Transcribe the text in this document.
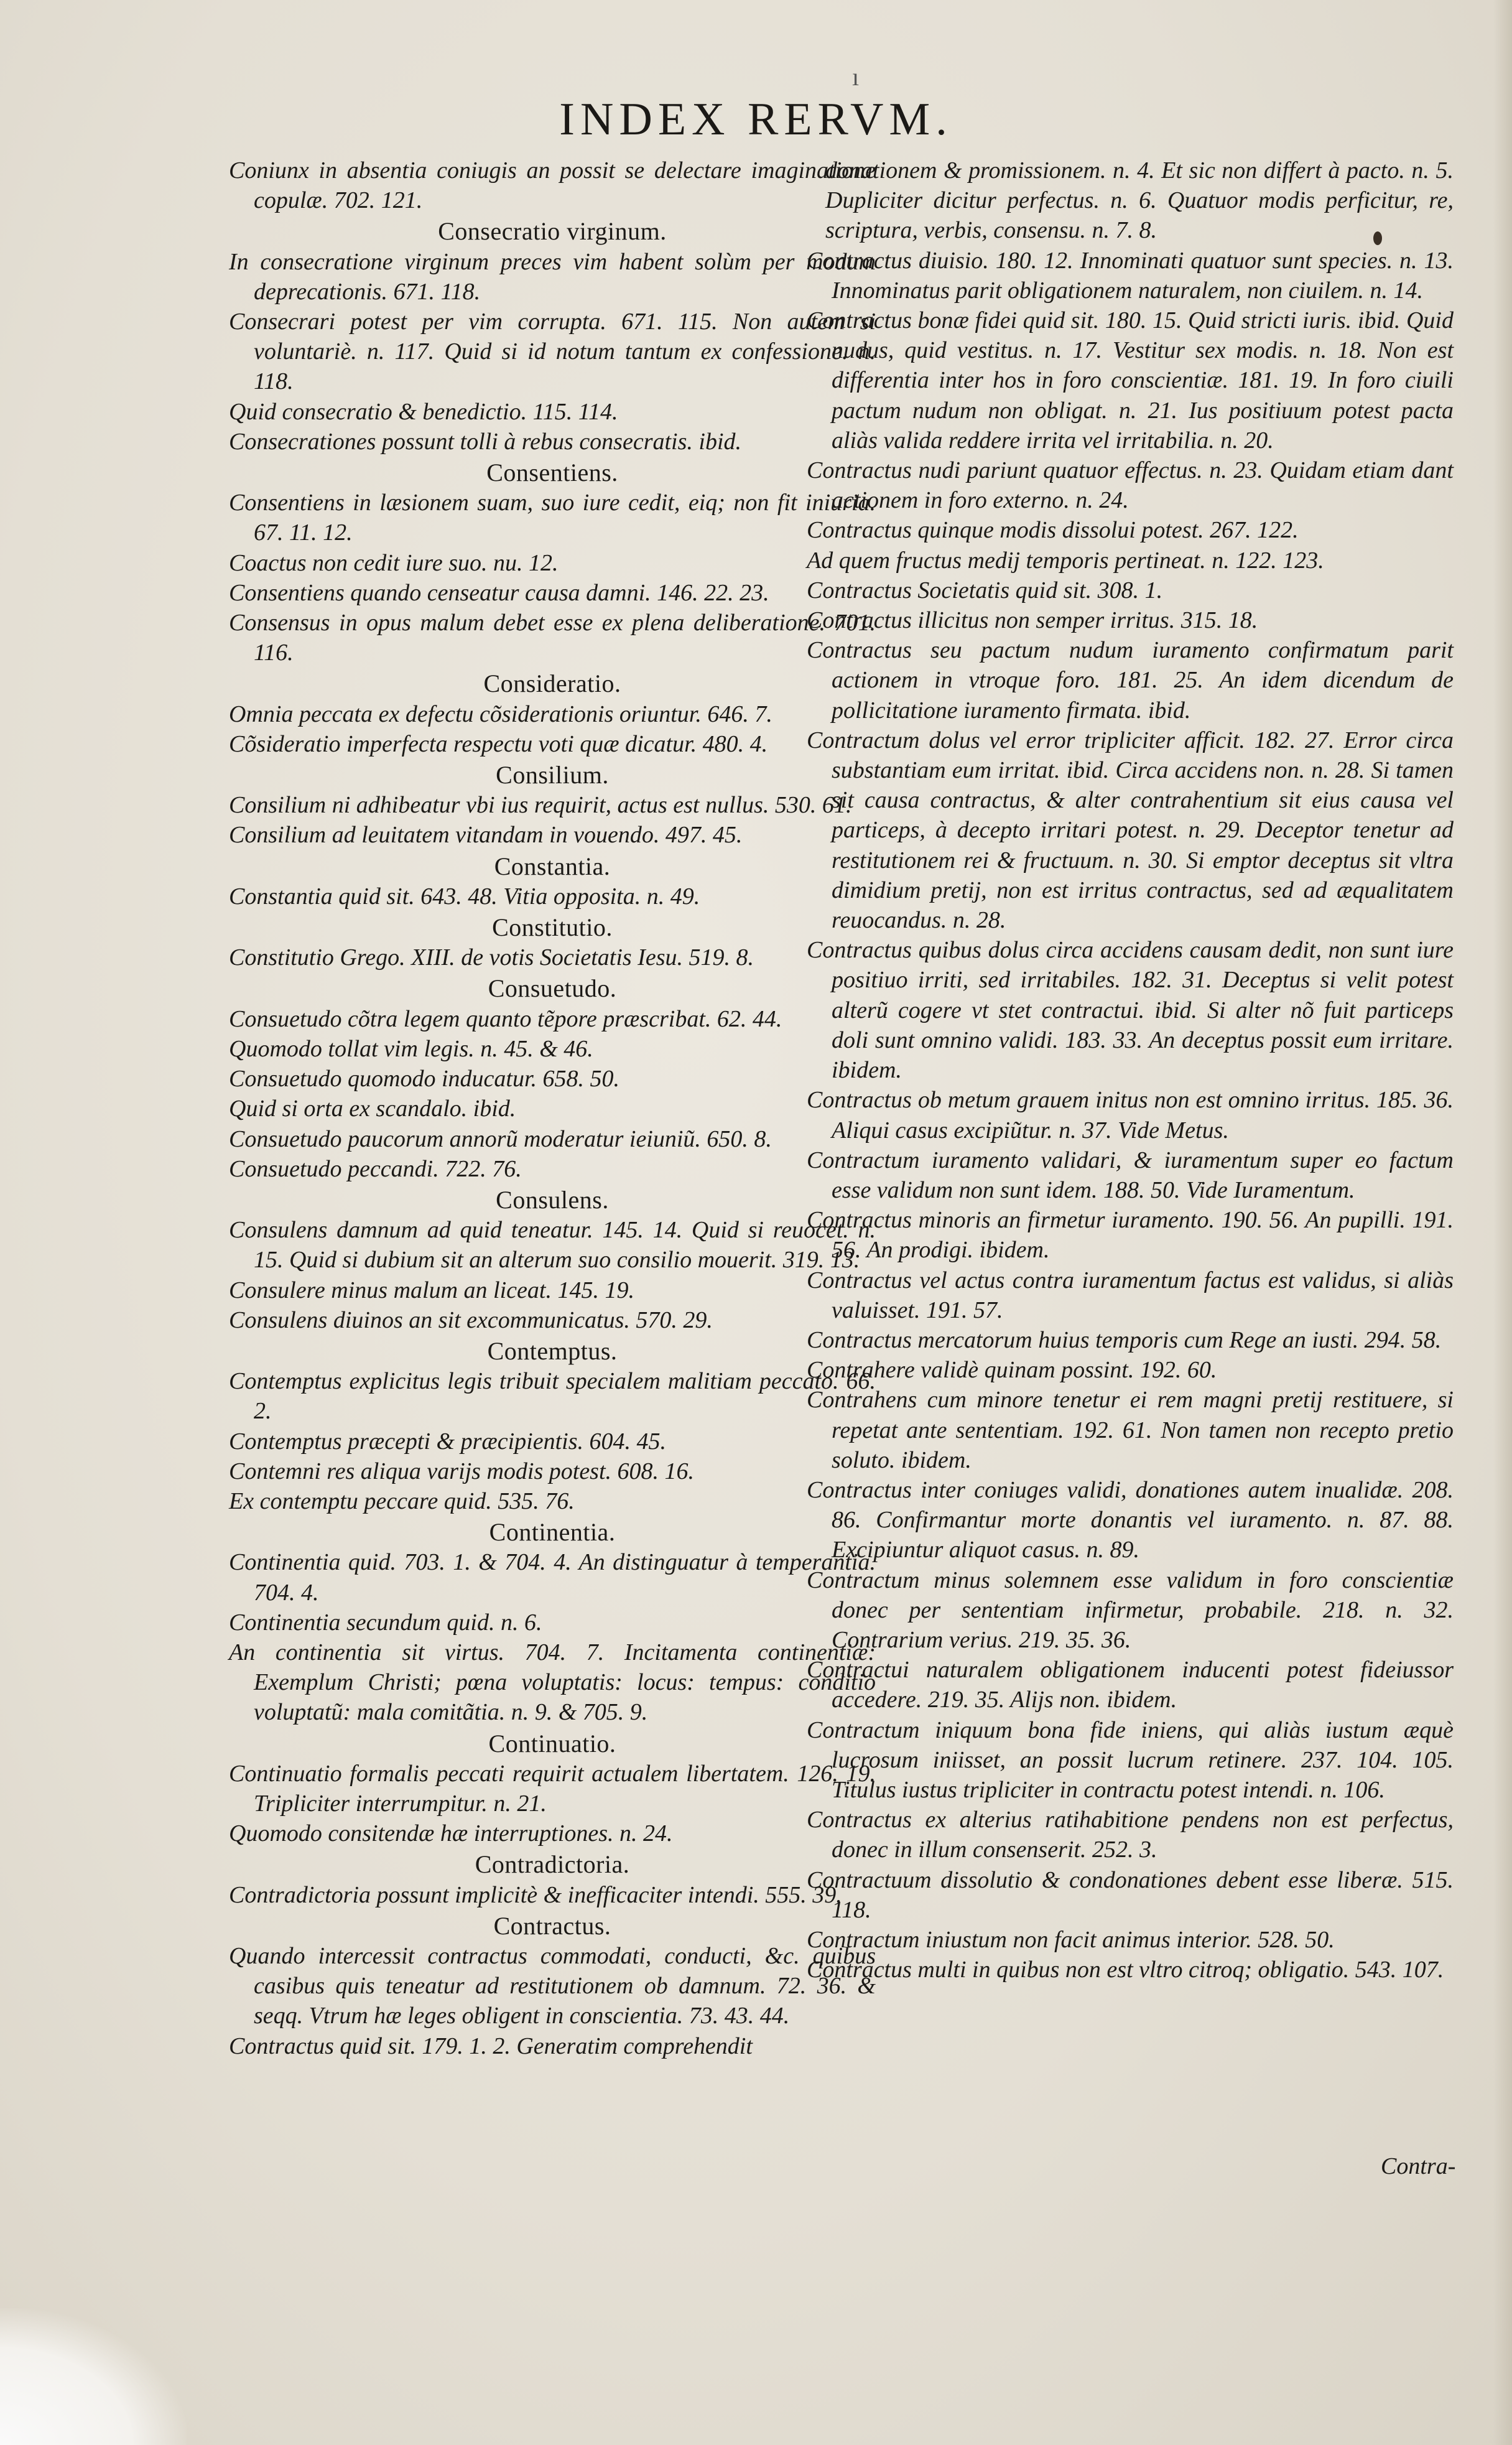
ı
INDEX RERVM.
Coniunx in absentia coniugis an possit se delectare imaginatione copulæ. 702. 121.
Consecratio virginum.
In consecratione virginum preces vim habent solùm per modum deprecationis. 671. 118.
Consecrari potest per vim corrupta. 671. 115. Non autem si voluntariè. n. 117. Quid si id notum tantum ex confessione. n. 118.
Quid consecratio & benedictio. 115. 114.
Consecrationes possunt tolli à rebus consecratis. ibid.
Consentiens.
Consentiens in læsionem suam, suo iure cedit, eiq; non fit iniuria. 67. 11. 12.
Coactus non cedit iure suo. nu. 12.
Consentiens quando censeatur causa damni. 146. 22. 23.
Consensus in opus malum debet esse ex plena deliberatione. 701. 116.
Consideratio.
Omnia peccata ex defectu cõsiderationis oriuntur. 646. 7.
Cõsideratio imperfecta respectu voti quæ dicatur. 480. 4.
Consilium.
Consilium ni adhibeatur vbi ius requirit, actus est nullus. 530. 61.
Consilium ad leuitatem vitandam in vouendo. 497. 45.
Constantia.
Constantia quid sit. 643. 48. Vitia opposita. n. 49.
Constitutio.
Constitutio Grego. XIII. de votis Societatis Iesu. 519. 8.
Consuetudo.
Consuetudo cõtra legem quanto tẽpore præscribat. 62. 44.
Quomodo tollat vim legis. n. 45. & 46.
Consuetudo quomodo inducatur. 658. 50.
Quid si orta ex scandalo. ibid.
Consuetudo paucorum annorũ moderatur ieiuniũ. 650. 8.
Consuetudo peccandi. 722. 76.
Consulens.
Consulens damnum ad quid teneatur. 145. 14. Quid si reuocet. n. 15. Quid si dubium sit an alterum suo consilio mouerit. 319. 13.
Consulere minus malum an liceat. 145. 19.
Consulens diuinos an sit excommunicatus. 570. 29.
Contemptus.
Contemptus explicitus legis tribuit specialem malitiam peccato. 66. 2.
Contemptus præcepti & præcipientis. 604. 45.
Contemni res aliqua varijs modis potest. 608. 16.
Ex contemptu peccare quid. 535. 76.
Continentia.
Continentia quid. 703. 1. & 704. 4. An distinguatur à temperantia. 704. 4.
Continentia secundum quid. n. 6.
An continentia sit virtus. 704. 7. Incitamenta continentiæ: Exemplum Christi; pœna voluptatis: locus: tempus: conditio voluptatũ: mala comitãtia. n. 9. & 705. 9.
Continuatio.
Continuatio formalis peccati requirit actualem libertatem. 126. 19. Tripliciter interrumpitur. n. 21.
Quomodo consitendæ hæ interruptiones. n. 24.
Contradictoria.
Contradictoria possunt implicitè & inefficaciter intendi. 555. 39.
Contractus.
Quando intercessit contractus commodati, conducti, &c. quibus casibus quis teneatur ad restitutionem ob damnum. 72. 36. & seqq. Vtrum hæ leges obligent in conscientia. 73. 43. 44.
Contractus quid sit. 179. 1. 2. Generatim comprehendit
donationem & promissionem. n. 4. Et sic non differt à pacto. n. 5. Dupliciter dicitur perfectus. n. 6. Quatuor modis perficitur, re, scriptura, verbis, consensu. n. 7. 8.
Contractus diuisio. 180. 12. Innominati quatuor sunt species. n. 13. Innominatus parit obligationem naturalem, non ciuilem. n. 14.
Contractus bonæ fidei quid sit. 180. 15. Quid stricti iuris. ibid. Quid nudus, quid vestitus. n. 17. Vestitur sex modis. n. 18. Non est differentia inter hos in foro conscientiæ. 181. 19. In foro ciuili pactum nudum non obligat. n. 21. Ius positiuum potest pacta aliàs valida reddere irrita vel irritabilia. n. 20.
Contractus nudi pariunt quatuor effectus. n. 23. Quidam etiam dant actionem in foro externo. n. 24.
Contractus quinque modis dissolui potest. 267. 122.
Ad quem fructus medij temporis pertineat. n. 122. 123.
Contractus Societatis quid sit. 308. 1.
Contractus illicitus non semper irritus. 315. 18.
Contractus seu pactum nudum iuramento confirmatum parit actionem in vtroque foro. 181. 25. An idem dicendum de pollicitatione iuramento firmata. ibid.
Contractum dolus vel error tripliciter afficit. 182. 27. Error circa substantiam eum irritat. ibid. Circa accidens non. n. 28. Si tamen sit causa contractus, & alter contrahentium sit eius causa vel particeps, à decepto irritari potest. n. 29. Deceptor tenetur ad restitutionem rei & fructuum. n. 30. Si emptor deceptus sit vltra dimidium pretij, non est irritus contractus, sed ad æqualitatem reuocandus. n. 28.
Contractus quibus dolus circa accidens causam dedit, non sunt iure positiuo irriti, sed irritabiles. 182. 31. Deceptus si velit potest alterũ cogere vt stet contractui. ibid. Si alter nõ fuit particeps doli sunt omnino validi. 183. 33. An deceptus possit eum irritare. ibidem.
Contractus ob metum grauem initus non est omnino irritus. 185. 36. Aliqui casus excipiũtur. n. 37. Vide Metus.
Contractum iuramento validari, & iuramentum super eo factum esse validum non sunt idem. 188. 50. Vide Iuramentum.
Contractus minoris an firmetur iuramento. 190. 56. An pupilli. 191. 56. An prodigi. ibidem.
Contractus vel actus contra iuramentum factus est validus, si aliàs valuisset. 191. 57.
Contractus mercatorum huius temporis cum Rege an iusti. 294. 58.
Contrahere validè quinam possint. 192. 60.
Contrahens cum minore tenetur ei rem magni pretij restituere, si repetat ante sententiam. 192. 61. Non tamen non recepto pretio soluto. ibidem.
Contractus inter coniuges validi, donationes autem inualidæ. 208. 86. Confirmantur morte donantis vel iuramento. n. 87. 88. Excipiuntur aliquot casus. n. 89.
Contractum minus solemnem esse validum in foro conscientiæ donec per sententiam infirmetur, probabile. 218. n. 32. Contrarium verius. 219. 35. 36.
Contractui naturalem obligationem inducenti potest fideiussor accedere. 219. 35. Alijs non. ibidem.
Contractum iniquum bona fide iniens, qui aliàs iustum æquè lucrosum iniisset, an possit lucrum retinere. 237. 104. 105. Titulus iustus tripliciter in contractu potest intendi. n. 106.
Contractus ex alterius ratihabitione pendens non est perfectus, donec in illum consenserit. 252. 3.
Contractuum dissolutio & condonationes debent esse liberæ. 515. 118.
Contractum iniustum non facit animus interior. 528. 50.
Contractus multi in quibus non est vltro citroq; obligatio. 543. 107.
Contra-
